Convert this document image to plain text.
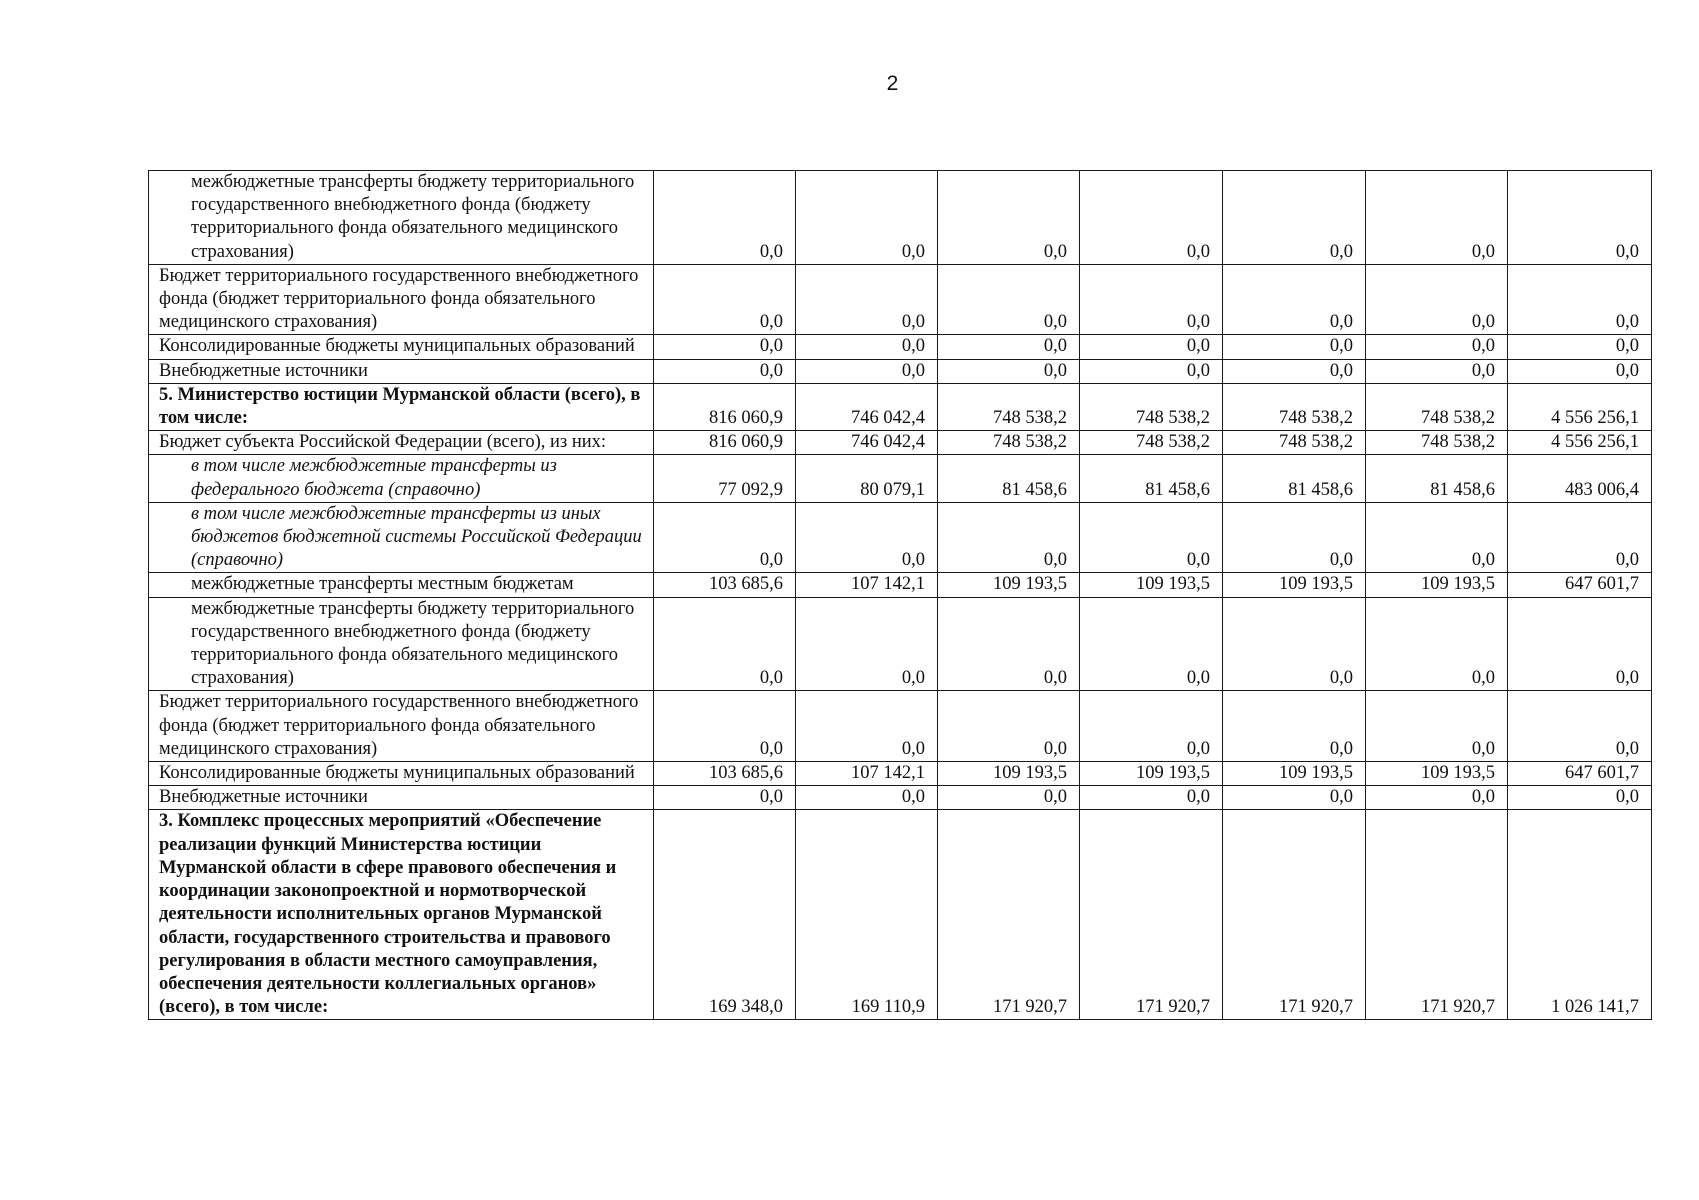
2
межбюджетные трансферты бюджету территориального государственного внебюджетного фонда (бюджету территориального фонда обязательного медицинского страхования)	0,0	0,0	0,0	0,0	0,0	0,0	0,0
Бюджет территориального государственного внебюджетного фонда (бюджет территориального фонда обязательного медицинского страхования)	0,0	0,0	0,0	0,0	0,0	0,0	0,0
Консолидированные бюджеты муниципальных образований	0,0	0,0	0,0	0,0	0,0	0,0	0,0
Внебюджетные источники	0,0	0,0	0,0	0,0	0,0	0,0	0,0
5. Министерство юстиции Мурманской области (всего), в том числе:	816 060,9	746 042,4	748 538,2	748 538,2	748 538,2	748 538,2	4 556 256,1
Бюджет субъекта Российской Федерации (всего), из них:	816 060,9	746 042,4	748 538,2	748 538,2	748 538,2	748 538,2	4 556 256,1
в том числе межбюджетные трансферты из федерального бюджета (справочно)	77 092,9	80 079,1	81 458,6	81 458,6	81 458,6	81 458,6	483 006,4
в том числе межбюджетные трансферты из иных бюджетов бюджетной системы Российской Федерации (справочно)	0,0	0,0	0,0	0,0	0,0	0,0	0,0
межбюджетные трансферты местным бюджетам	103 685,6	107 142,1	109 193,5	109 193,5	109 193,5	109 193,5	647 601,7
межбюджетные трансферты бюджету территориального государственного внебюджетного фонда (бюджету территориального фонда обязательного медицинского страхования)	0,0	0,0	0,0	0,0	0,0	0,0	0,0
Бюджет территориального государственного внебюджетного фонда (бюджет территориального фонда обязательного медицинского страхования)	0,0	0,0	0,0	0,0	0,0	0,0	0,0
Консолидированные бюджеты муниципальных образований	103 685,6	107 142,1	109 193,5	109 193,5	109 193,5	109 193,5	647 601,7
Внебюджетные источники	0,0	0,0	0,0	0,0	0,0	0,0	0,0
3. Комплекс процессных мероприятий «Обеспечение реализации функций Министерства юстиции Мурманской области в сфере правового обеспечения и координации законопроектной и нормотворческой деятельности исполнительных органов Мурманской области, государственного строительства и правового регулирования в области местного самоуправления, обеспечения деятельности коллегиальных органов» (всего), в том числе:	169 348,0	169 110,9	171 920,7	171 920,7	171 920,7	171 920,7	1 026 141,7
